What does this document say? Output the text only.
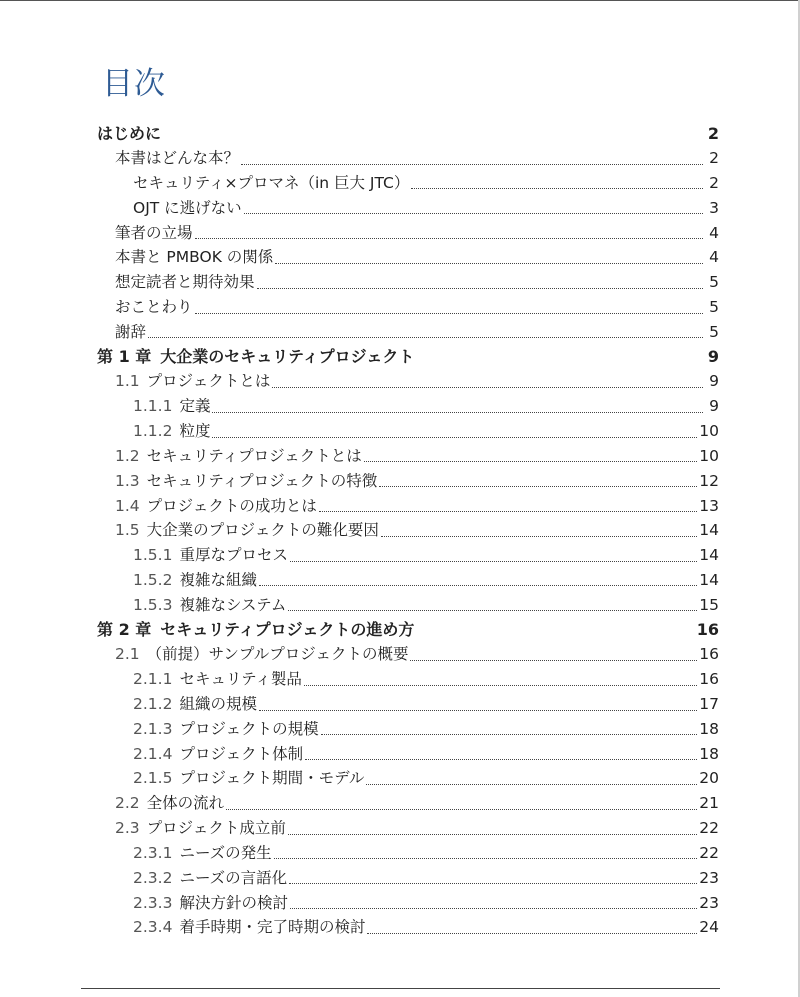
目次
はじめに	2
本書はどんな本？	2
セキュリティ×プロマネ（in 巨大 JTC）	2
OJT に逃げない	3
筆者の立場	4
本書と PMBOK の関係	4
想定読者と期待効果	5
おことわり	5
謝辞	5
第 1 章 大企業のセキュリティプロジェクト	9
1.1 プロジェクトとは	9
1.1.1 定義	9
1.1.2 粒度	10
1.2 セキュリティプロジェクトとは	10
1.3 セキュリティプロジェクトの特徴	12
1.4 プロジェクトの成功とは	13
1.5 大企業のプロジェクトの難化要因	14
1.5.1 重厚なプロセス	14
1.5.2 複雑な組織	14
1.5.3 複雑なシステム	15
第 2 章 セキュリティプロジェクトの進め方	16
2.1 （前提）サンプルプロジェクトの概要	16
2.1.1 セキュリティ製品	16
2.1.2 組織の規模	17
2.1.3 プロジェクトの規模	18
2.1.4 プロジェクト体制	18
2.1.5 プロジェクト期間・モデル	20
2.2 全体の流れ	21
2.3 プロジェクト成立前	22
2.3.1 ニーズの発生	22
2.3.2 ニーズの言語化	23
2.3.3 解決方針の検討	23
2.3.4 着手時期・完了時期の検討	24
